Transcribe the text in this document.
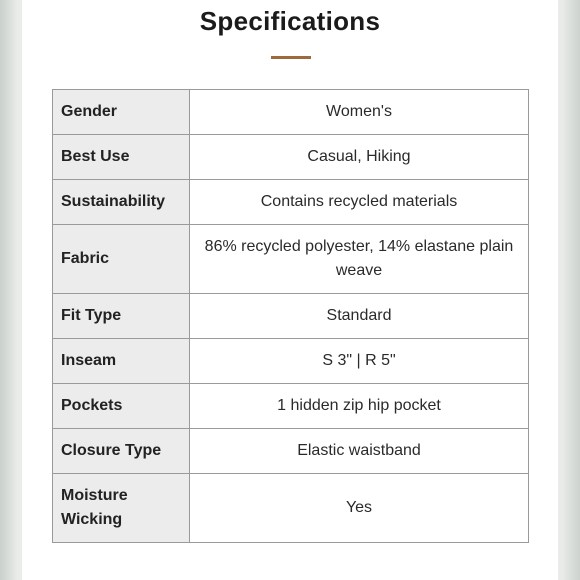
Specifications
Gender	Women's
Best Use	Casual, Hiking
Sustainability	Contains recycled materials
Fabric	86% recycled polyester, 14% elastane plain weave
Fit Type	Standard
Inseam	S 3" | R 5"
Pockets	1 hidden zip hip pocket
Closure Type	Elastic waistband
Moisture Wicking	Yes
